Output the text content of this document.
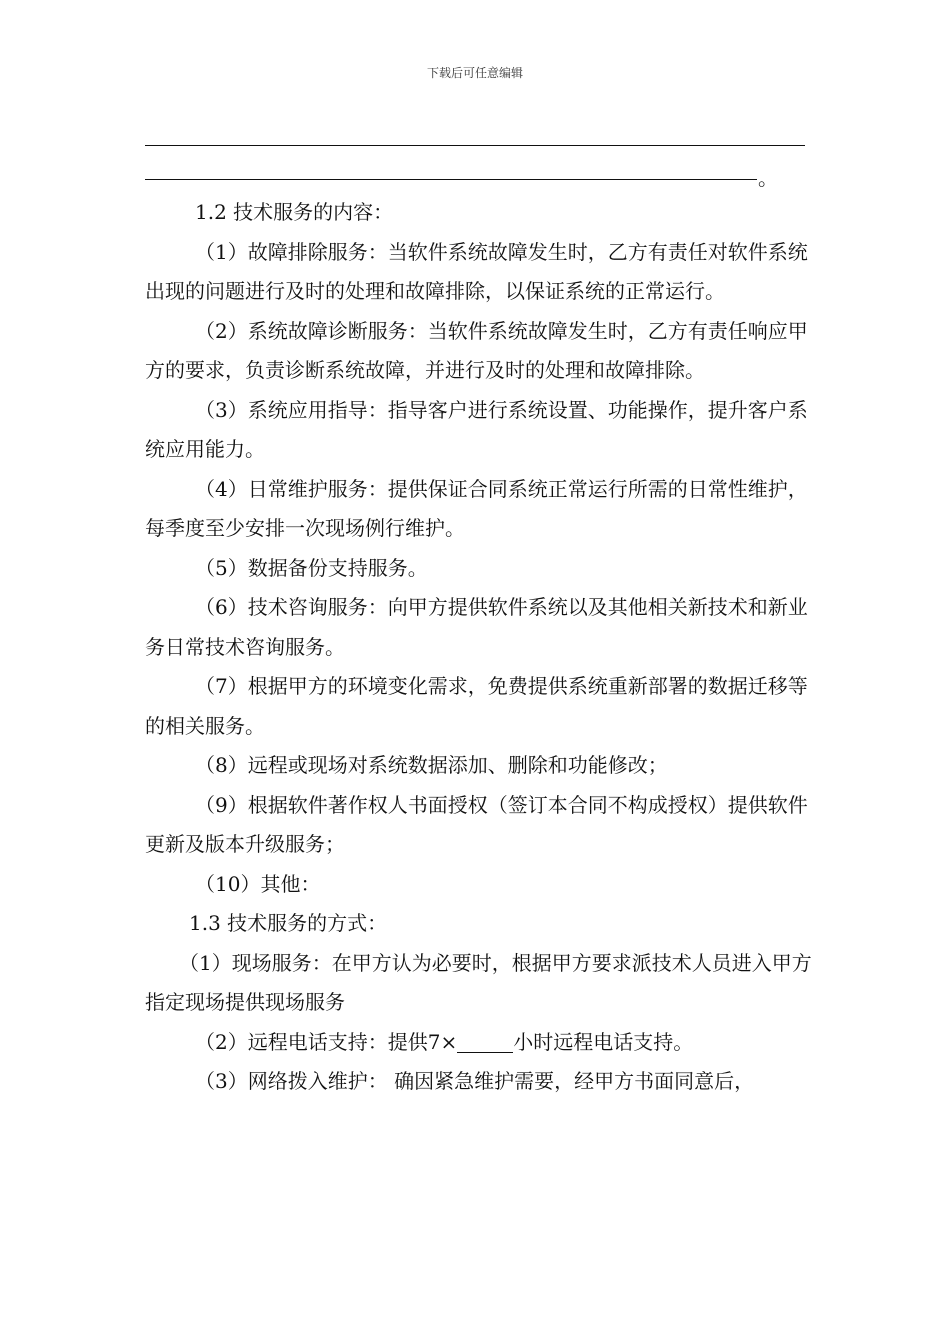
下载后可任意编辑
。

1.2 技术服务的内容：

（1）故障排除服务：当软件系统故障发生时，乙方有责任对软件系统出现的问题进行及时的处理和故障排除，以保证系统的正常运行。

（2）系统故障诊断服务：当软件系统故障发生时，乙方有责任响应甲方的要求，负责诊断系统故障，并进行及时的处理和故障排除。

（3）系统应用指导：指导客户进行系统设置、功能操作，提升客户系统应用能力。

（4）日常维护服务：提供保证合同系统正常运行所需的日常性维护，每季度至少安排一次现场例行维护。

（5）数据备份支持服务。

（6）技术咨询服务：向甲方提供软件系统以及其他相关新技术和新业务日常技术咨询服务。

（7）根据甲方的环境变化需求，免费提供系统重新部署的数据迁移等的相关服务。

（8）远程或现场对系统数据添加、删除和功能修改；

（9）根据软件著作权人书面授权（签订本合同不构成授权）提供软件更新及版本升级服务；

（10）其他：

1.3 技术服务的方式：

（1）现场服务：在甲方认为必要时，根据甲方要求派技术人员进入甲方指定现场提供现场服务

（2）远程电话支持：提供7×	小时远程电话支持。

（3）网络拨入维护： 确因紧急维护需要，经甲方书面同意后，
